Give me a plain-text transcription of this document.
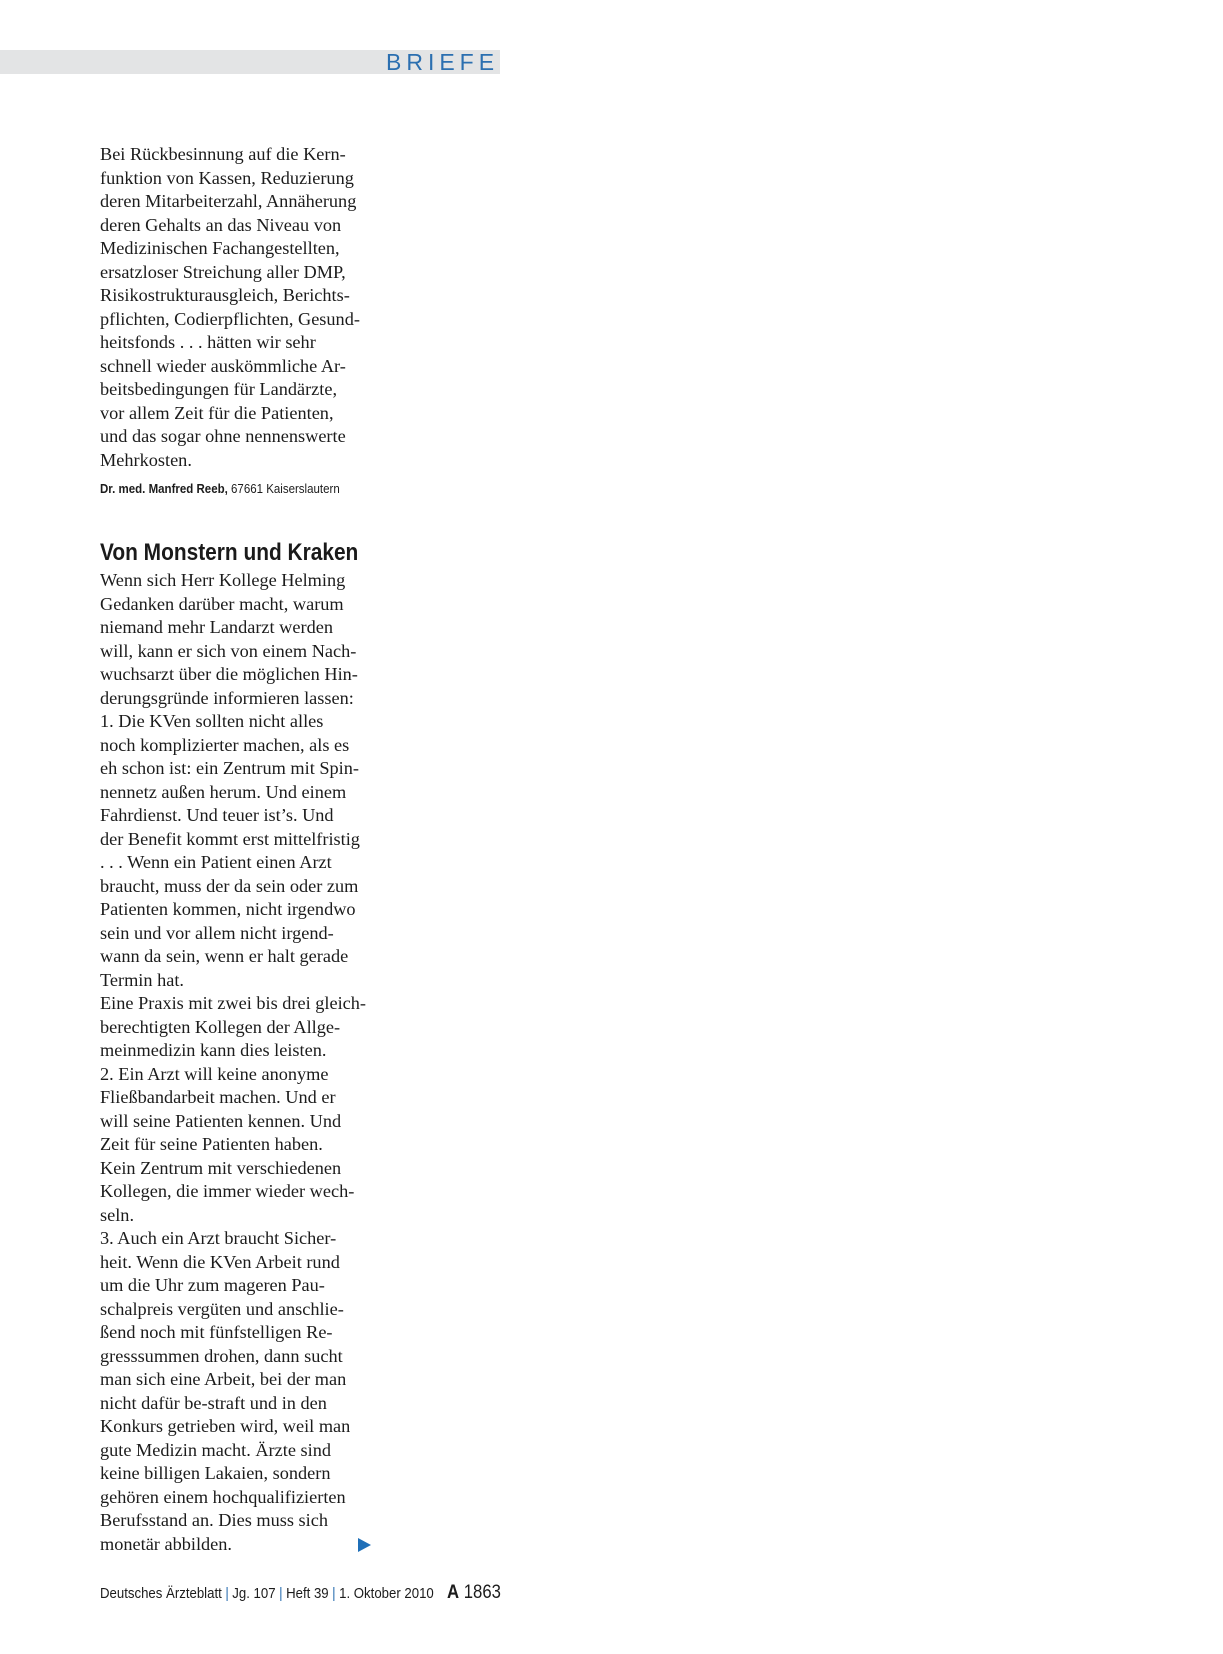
BRIEFE
Bei Rückbesinnung auf die Kern-
funktion von Kassen, Reduzierung
deren Mitarbeiterzahl, Annäherung
deren Gehalts an das Niveau von
Medizinischen Fachangestellten,
ersatzloser Streichung aller DMP,
Risikostrukturausgleich, Berichts-
pflichten, Codierpflichten, Gesund-
heitsfonds . . . hätten wir sehr
schnell wieder auskömmliche Ar-
beitsbedingungen für Landärzte,
vor allem Zeit für die Patienten,
und das sogar ohne nennenswerte
Mehrkosten.
Dr. med. Manfred Reeb, 67661 Kaiserslautern
Von Monstern und Kraken
Wenn sich Herr Kollege Helming
Gedanken darüber macht, warum
niemand mehr Landarzt werden
will, kann er sich von einem Nach-
wuchsarzt über die möglichen Hin-
derungsgründe informieren lassen:
1. Die KVen sollten nicht alles
noch komplizierter machen, als es
eh schon ist: ein Zentrum mit Spin-
nennetz außen herum. Und einem
Fahrdienst. Und teuer ist’s. Und
der Benefit kommt erst mittelfristig
. . . Wenn ein Patient einen Arzt
braucht, muss der da sein oder zum
Patienten kommen, nicht irgendwo
sein und vor allem nicht irgend-
wann da sein, wenn er halt gerade
Termin hat.
Eine Praxis mit zwei bis drei gleich-
berechtigten Kollegen der Allge-
meinmedizin kann dies leisten.
2. Ein Arzt will keine anonyme
Fließbandarbeit machen. Und er
will seine Patienten kennen. Und
Zeit für seine Patienten haben.
Kein Zentrum mit verschiedenen
Kollegen, die immer wieder wech-
seln.
3. Auch ein Arzt braucht Sicher-
heit. Wenn die KVen Arbeit rund
um die Uhr zum mageren Pau-
schalpreis vergüten und anschlie-
ßend noch mit fünfstelligen Re-
gresssummen drohen, dann sucht
man sich eine Arbeit, bei der man
nicht dafür be-straft und in den
Konkurs getrieben wird, weil man
gute Medizin macht. Ärzte sind
keine billigen Lakaien, sondern
gehören einem hochqualifizierten
Berufsstand an. Dies muss sich
monetär abbilden.
Deutsches Ärzteblatt | Jg. 107 | Heft 39 | 1. Oktober 2010 A 1863
